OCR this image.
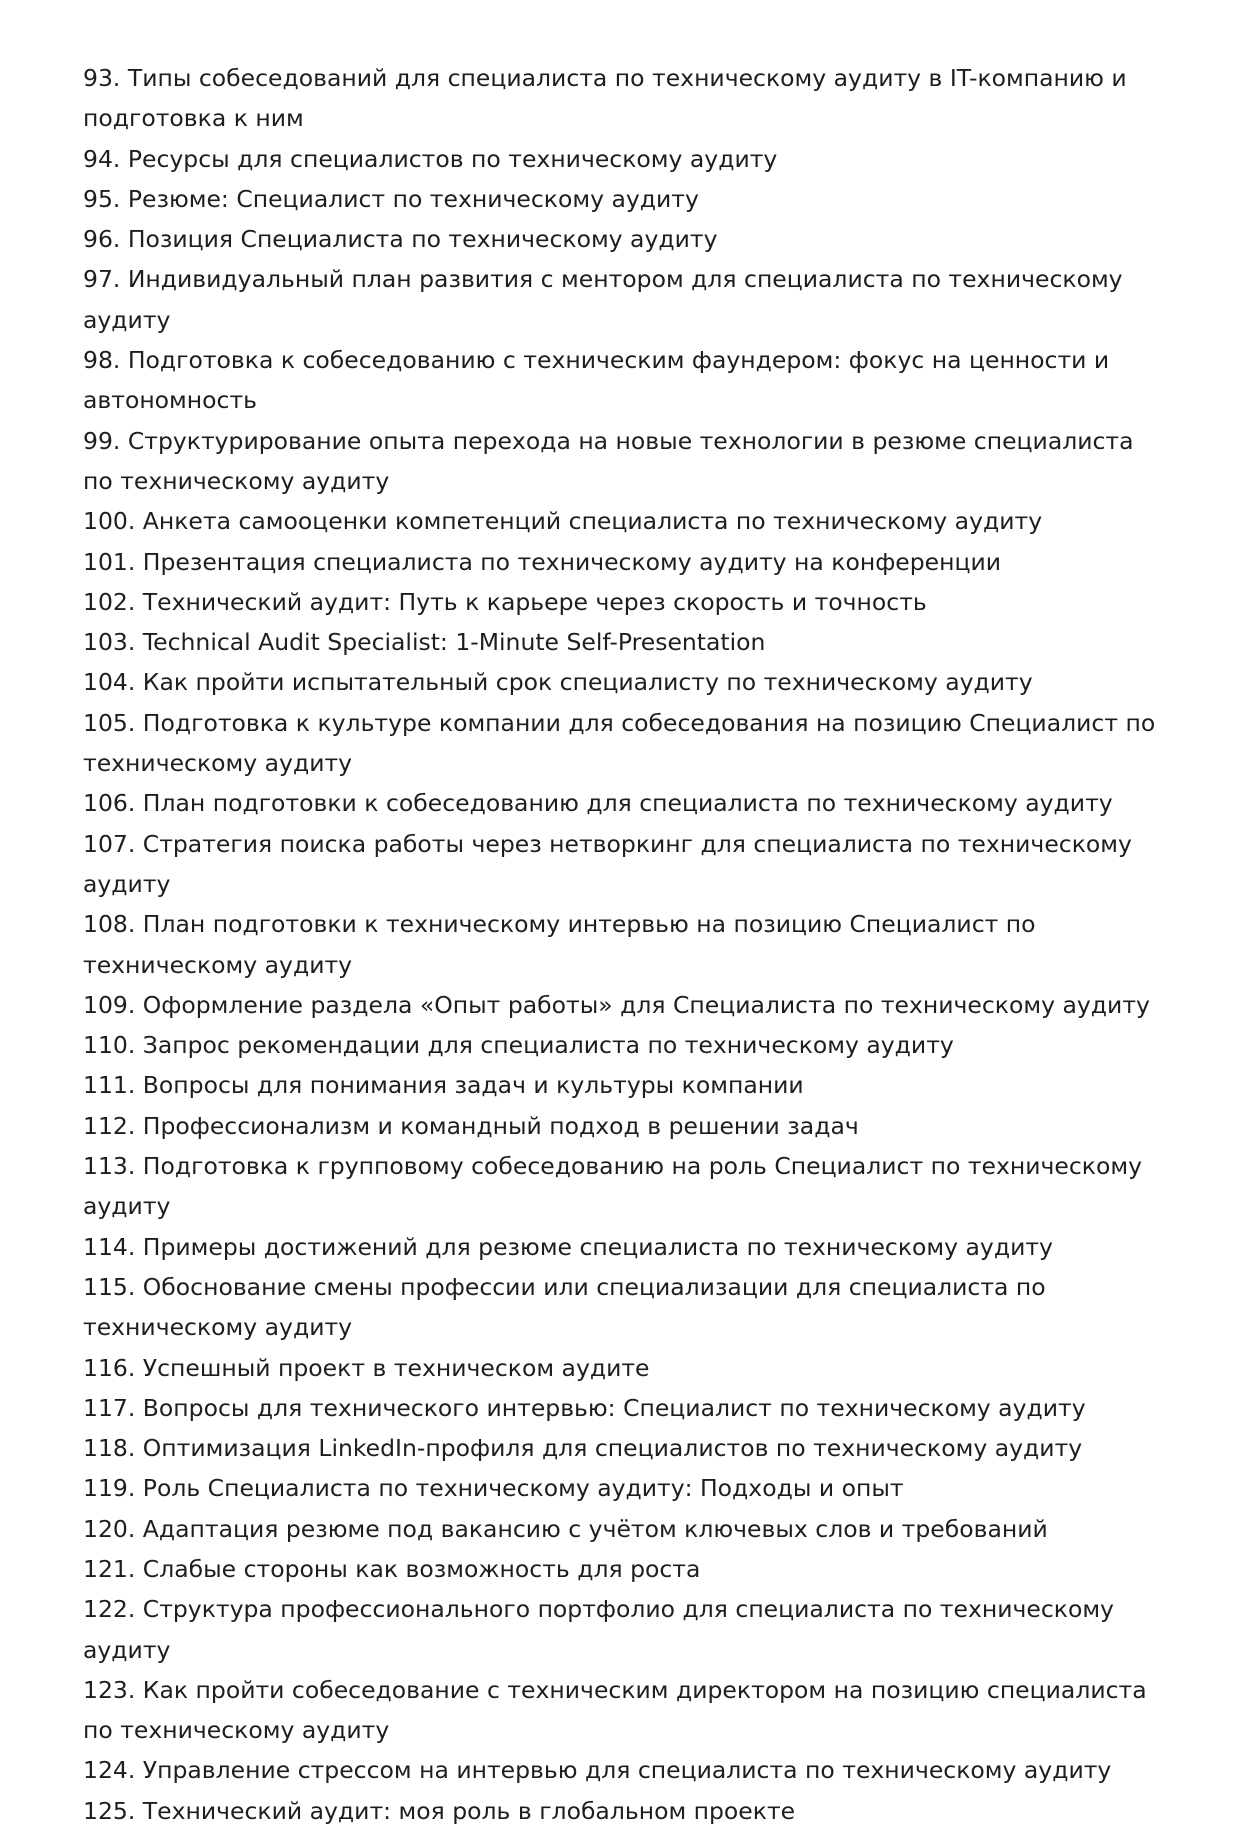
93. Типы собеседований для специалиста по техническому аудиту в IT-компанию и подготовка к ним
94. Ресурсы для специалистов по техническому аудиту
95. Резюме: Специалист по техническому аудиту
96. Позиция Специалиста по техническому аудиту
97. Индивидуальный план развития с ментором для специалиста по техническому аудиту
98. Подготовка к собеседованию с техническим фаундером: фокус на ценности и автономность
99. Структурирование опыта перехода на новые технологии в резюме специалиста по техническому аудиту
100. Анкета самооценки компетенций специалиста по техническому аудиту
101. Презентация специалиста по техническому аудиту на конференции
102. Технический аудит: Путь к карьере через скорость и точность
103. Technical Audit Specialist: 1-Minute Self-Presentation
104. Как пройти испытательный срок специалисту по техническому аудиту
105. Подготовка к культуре компании для собеседования на позицию Специалист по техническому аудиту
106. План подготовки к собеседованию для специалиста по техническому аудиту
107. Стратегия поиска работы через нетворкинг для специалиста по техническому аудиту
108. План подготовки к техническому интервью на позицию Специалист по техническому аудиту
109. Оформление раздела «Опыт работы» для Специалиста по техническому аудиту
110. Запрос рекомендации для специалиста по техническому аудиту
111. Вопросы для понимания задач и культуры компании
112. Профессионализм и командный подход в решении задач
113. Подготовка к групповому собеседованию на роль Специалист по техническому аудиту
114. Примеры достижений для резюме специалиста по техническому аудиту
115. Обоснование смены профессии или специализации для специалиста по техническому аудиту
116. Успешный проект в техническом аудите
117. Вопросы для технического интервью: Специалист по техническому аудиту
118. Оптимизация LinkedIn-профиля для специалистов по техническому аудиту
119. Роль Специалиста по техническому аудиту: Подходы и опыт
120. Адаптация резюме под вакансию с учётом ключевых слов и требований
121. Слабые стороны как возможность для роста
122. Структура профессионального портфолио для специалиста по техническому аудиту
123. Как пройти собеседование с техническим директором на позицию специалиста по техническому аудиту
124. Управление стрессом на интервью для специалиста по техническому аудиту
125. Технический аудит: моя роль в глобальном проекте
